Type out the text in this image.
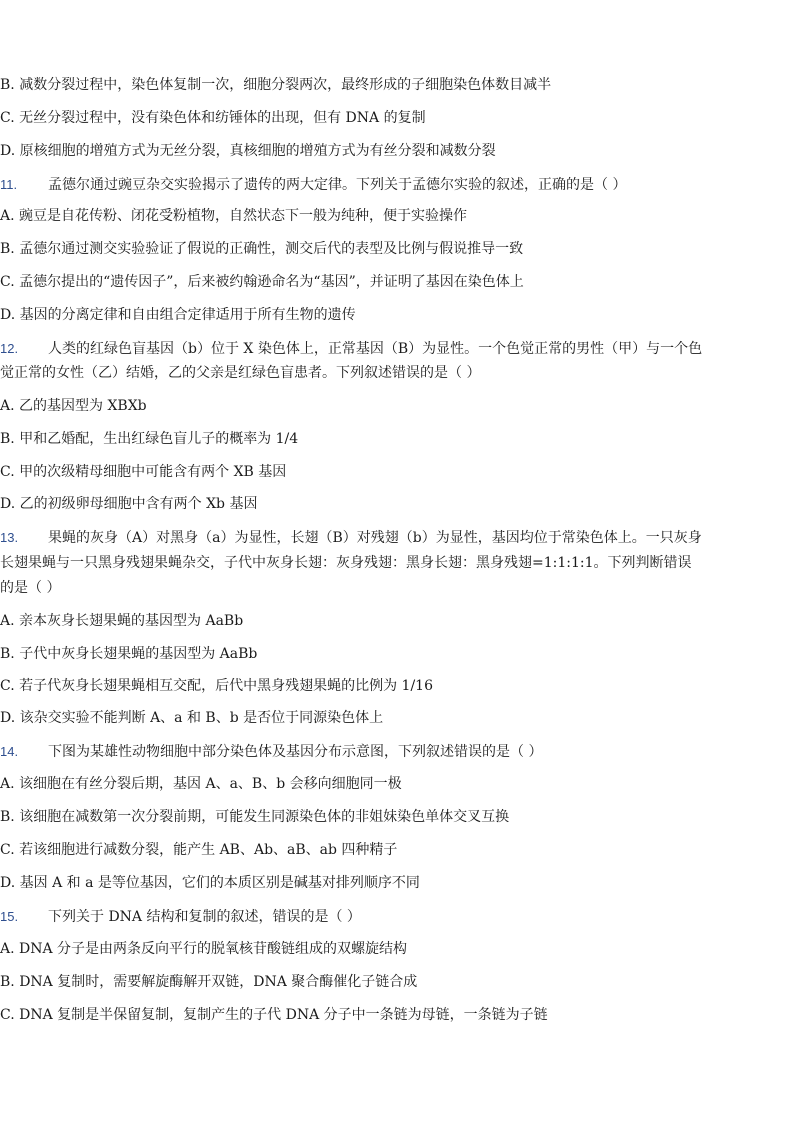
B. 减数分裂过程中，染色体复制一次，细胞分裂两次，最终形成的子细胞染色体数目减半
C. 无丝分裂过程中，没有染色体和纺锤体的出现，但有 DNA 的复制
D. 原核细胞的增殖方式为无丝分裂，真核细胞的增殖方式为有丝分裂和减数分裂
11. 孟德尔通过豌豆杂交实验揭示了遗传的两大定律。下列关于孟德尔实验的叙述，正确的是（ ）
A. 豌豆是自花传粉、闭花受粉植物，自然状态下一般为纯种，便于实验操作
B. 孟德尔通过测交实验验证了假说的正确性，测交后代的表型及比例与假说推导一致
C. 孟德尔提出的“遗传因子”，后来被约翰逊命名为“基因”，并证明了基因在染色体上
D. 基因的分离定律和自由组合定律适用于所有生物的遗传
12. 人类的红绿色盲基因（b）位于 X 染色体上，正常基因（B）为显性。一个色觉正常的男性（甲）与一个色
觉正常的女性（乙）结婚，乙的父亲是红绿色盲患者。下列叙述错误的是（ ）
A. 乙的基因型为 XBXb
B. 甲和乙婚配，生出红绿色盲儿子的概率为 1/4
C. 甲的次级精母细胞中可能含有两个 XB 基因
D. 乙的初级卵母细胞中含有两个 Xb 基因
13. 果蝇的灰身（A）对黑身（a）为显性，长翅（B）对残翅（b）为显性，基因均位于常染色体上。一只灰身
长翅果蝇与一只黑身残翅果蝇杂交，子代中灰身长翅：灰身残翅：黑身长翅：黑身残翅=1:1:1:1。下列判断错误
的是（ ）
A. 亲本灰身长翅果蝇的基因型为 AaBb
B. 子代中灰身长翅果蝇的基因型为 AaBb
C. 若子代灰身长翅果蝇相互交配，后代中黑身残翅果蝇的比例为 1/16
D. 该杂交实验不能判断 A、a 和 B、b 是否位于同源染色体上
14. 下图为某雄性动物细胞中部分染色体及基因分布示意图，下列叙述错误的是（ ）
A. 该细胞在有丝分裂后期，基因 A、a、B、b 会移向细胞同一极
B. 该细胞在减数第一次分裂前期，可能发生同源染色体的非姐妹染色单体交叉互换
C. 若该细胞进行减数分裂，能产生 AB、Ab、aB、ab 四种精子
D. 基因 A 和 a 是等位基因，它们的本质区别是碱基对排列顺序不同
15. 下列关于 DNA 结构和复制的叙述，错误的是（ ）
A. DNA 分子是由两条反向平行的脱氧核苷酸链组成的双螺旋结构
B. DNA 复制时，需要解旋酶解开双链，DNA 聚合酶催化子链合成
C. DNA 复制是半保留复制，复制产生的子代 DNA 分子中一条链为母链，一条链为子链
